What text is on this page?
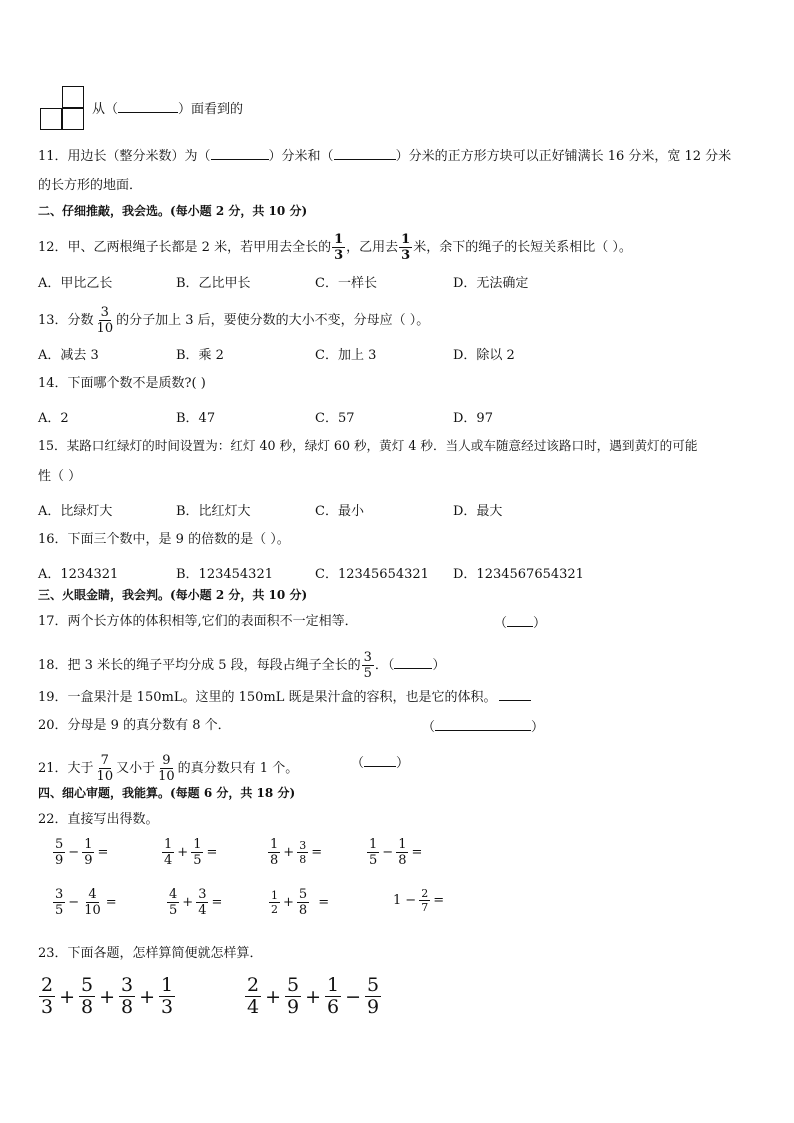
从（	）面看到的
11．用边长（整分米数）为（	）分米和（	）分米的正方形方块可以正好铺满长 16 分米，宽 12 分米
的长方形的地面．
二、仔细推敲，我会选。(每小题 2 分，共 10 分)
12．甲、乙两根绳子长都是 2 米，若甲用去全长的 $\frac{1}{3}$ ，乙用去 $\frac{1}{3}$ 米，余下的绳子的长短关系相比（ ）。
A．甲比乙长	B．乙比甲长	C．一样长	D．无法确定
13．分数 $\frac{3}{10}$ 的分子加上 3 后，要使分数的大小不变，分母应（ ）。
A．减去 3	B．乘 2	C．加上 3	D．除以 2
14．下面哪个数不是质数?( )
A．2	B．47	C．57	D．97
15．某路口红绿灯的时间设置为：红灯 40 秒，绿灯 60 秒，黄灯 4 秒．当人或车随意经过该路口时，遇到黄灯的可能
性（ ）
A．比绿灯大	B．比红灯大	C．最小	D．最大
16．下面三个数中，是 9 的倍数的是（ ）。
A．1234321	B．123454321	C．12345654321 D．1234567654321
三、火眼金睛，我会判。(每小题 2 分，共 10 分)
17．两个长方体的体积相等,它们的表面积不一定相等．	（ ）
18．把 3 米长的绳子平均分成 5 段，每段占绳子全长的 $\frac{3}{5}$ ．（	）
19．一盒果汁是 150mL。这里的 150mL 既是果汁盒的容积，也是它的体积。
20．分母是 9 的真分数有 8 个．	（	）
21．大于 $\frac{7}{10}$ 又小于 $\frac{9}{10}$ 的真分数只有 1 个。	（ ）
四、细心审题，我能算。(每题 6 分，共 18 分)
22．直接写出得数。
$\frac{5}{9} - \frac{1}{9}$ =	$\frac{1}{4} + \frac{1}{5}$ =	$\frac{1}{8} + \frac{3}{8}$ =	$\frac{1}{5} - \frac{1}{8}$ =
$\frac{3}{5} - \frac{4}{10}$ =	$\frac{4}{5} + \frac{3}{4}$ =	$\frac{1}{2} + \frac{5}{8}$ =	$1 - \frac{2}{7}$ =
23．下面各题，怎样算简便就怎样算．
$\frac{2}{3} + \frac{5}{8} + \frac{3}{8} + \frac{1}{3}$	$\frac{2}{4} + \frac{5}{9} + \frac{1}{6} - \frac{5}{9}$
